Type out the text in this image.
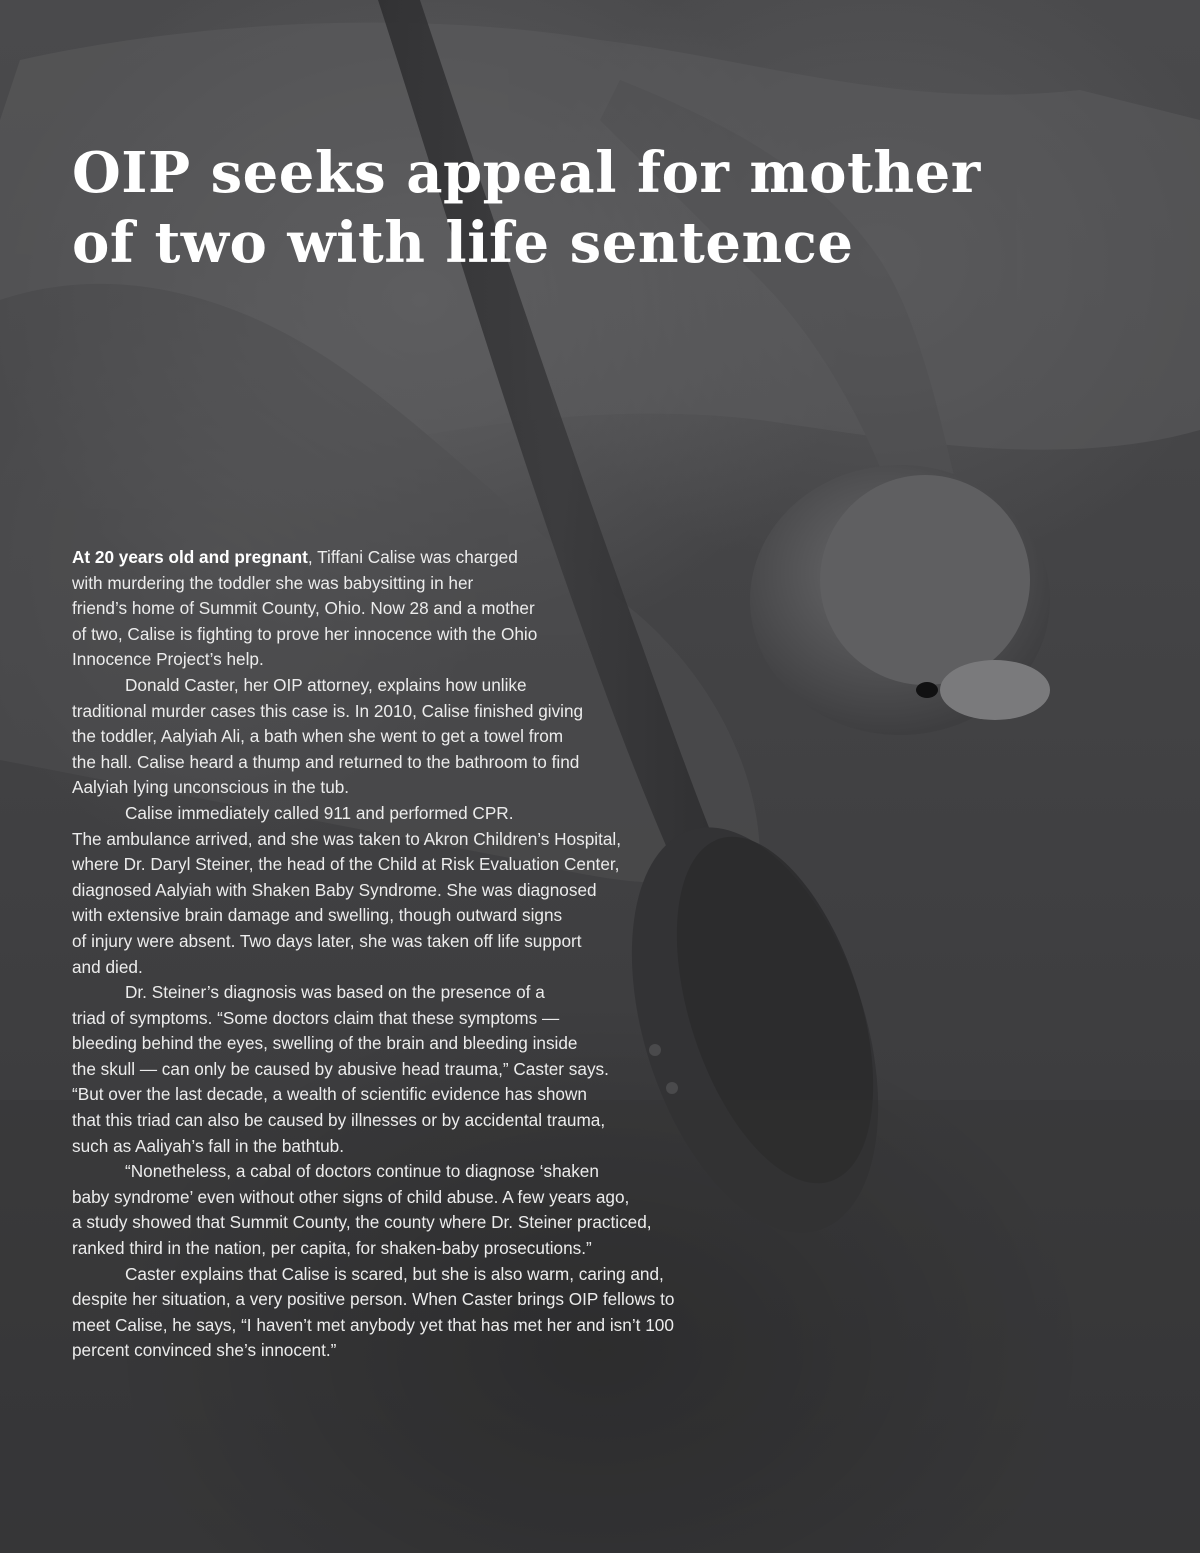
OIP seeks appeal for mother
of two with life sentence

At 20 years old and pregnant, Tiffani Calise was charged
with murdering the toddler she was babysitting in her
friend’s home of Summit County, Ohio. Now 28 and a mother
of two, Calise is fighting to prove her innocence with the Ohio
Innocence Project’s help.

Donald Caster, her OIP attorney, explains how unlike
traditional murder cases this case is. In 2010, Calise finished giving
the toddler, Aalyiah Ali, a bath when she went to get a towel from
the hall. Calise heard a thump and returned to the bathroom to find
Aalyiah lying unconscious in the tub.

Calise immediately called 911 and performed CPR.
The ambulance arrived, and she was taken to Akron Children’s Hospital,
where Dr. Daryl Steiner, the head of the Child at Risk Evaluation Center,
diagnosed Aalyiah with Shaken Baby Syndrome. She was diagnosed
with extensive brain damage and swelling, though outward signs
of injury were absent. Two days later, she was taken off life support
and died.

Dr. Steiner’s diagnosis was based on the presence of a
triad of symptoms. “Some doctors claim that these symptoms —
bleeding behind the eyes, swelling of the brain and bleeding inside
the skull — can only be caused by abusive head trauma,” Caster says.
“But over the last decade, a wealth of scientific evidence has shown
that this triad can also be caused by illnesses or by accidental trauma,
such as Aaliyah’s fall in the bathtub.

“Nonetheless, a cabal of doctors continue to diagnose ‘shaken
baby syndrome’ even without other signs of child abuse. A few years ago,
a study showed that Summit County, the county where Dr. Steiner practiced,
ranked third in the nation, per capita, for shaken-baby prosecutions.”

Caster explains that Calise is scared, but she is also warm, caring and,
despite her situation, a very positive person. When Caster brings OIP fellows to
meet Calise, he says, “I haven’t met anybody yet that has met her and isn’t 100
percent convinced she’s innocent.”
